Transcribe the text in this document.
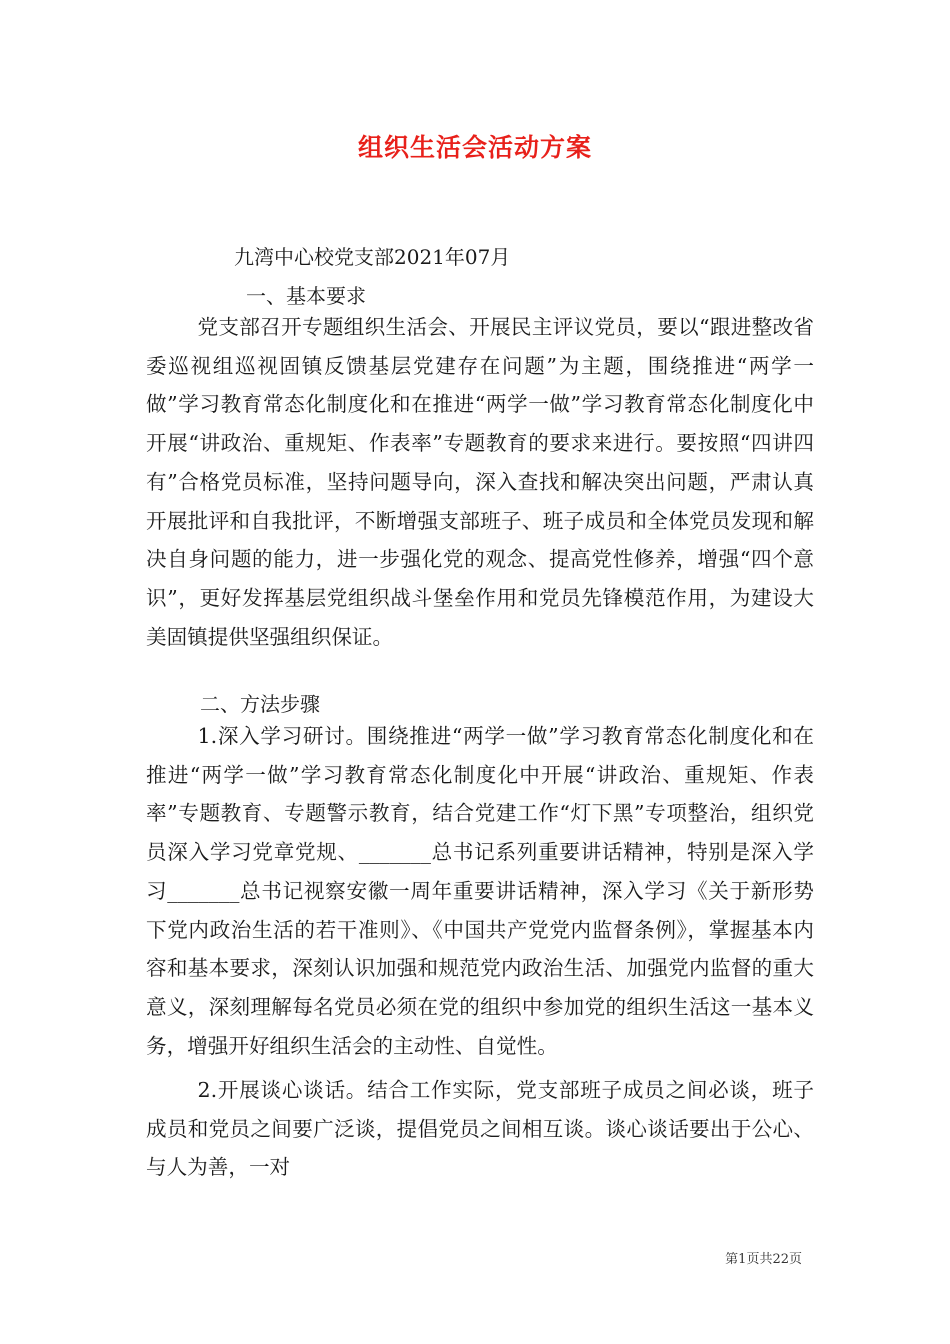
组织生活会活动方案
九湾中心校党支部2021年07月
一、基本要求

党支部召开专题组织生活会、开展民主评议党员，要以“跟进整改省委巡视组巡视固镇反馈基层党建存在问题”为主题，围绕推进“两学一做”学习教育常态化制度化和在推进“两学一做”学习教育常态化制度化中开展“讲政治、重规矩、作表率”专题教育的要求来进行。要按照“四讲四有”合格党员标准，坚持问题导向，深入查找和解决突出问题，严肃认真开展批评和自我批评，不断增强支部班子、班子成员和全体党员发现和解决自身问题的能力，进一步强化党的观念、提高党性修养，增强“四个意识”，更好发挥基层党组织战斗堡垒作用和党员先锋模范作用，为建设大美固镇提供坚强组织保证。

二、方法步骤

1.深入学习研讨。围绕推进“两学一做”学习教育常态化制度化和在推进“两学一做”学习教育常态化制度化中开展“讲政治、重规矩、作表率”专题教育、专题警示教育，结合党建工作“灯下黑”专项整治，组织党员深入学习党章党规、_______总书记系列重要讲话精神，特别是深入学习_______总书记视察安徽一周年重要讲话精神，深入学习《关于新形势下党内政治生活的若干准则》、《中国共产党党内监督条例》，掌握基本内容和基本要求，深刻认识加强和规范党内政治生活、加强党内监督的重大意义，深刻理解每名党员必须在党的组织中参加党的组织生活这一基本义务，增强开好组织生活会的主动性、自觉性。

2.开展谈心谈话。结合工作实际，党支部班子成员之间必谈，班子成员和党员之间要广泛谈，提倡党员之间相互谈。谈心谈话要出于公心、与人为善，一对

第1页共22页
